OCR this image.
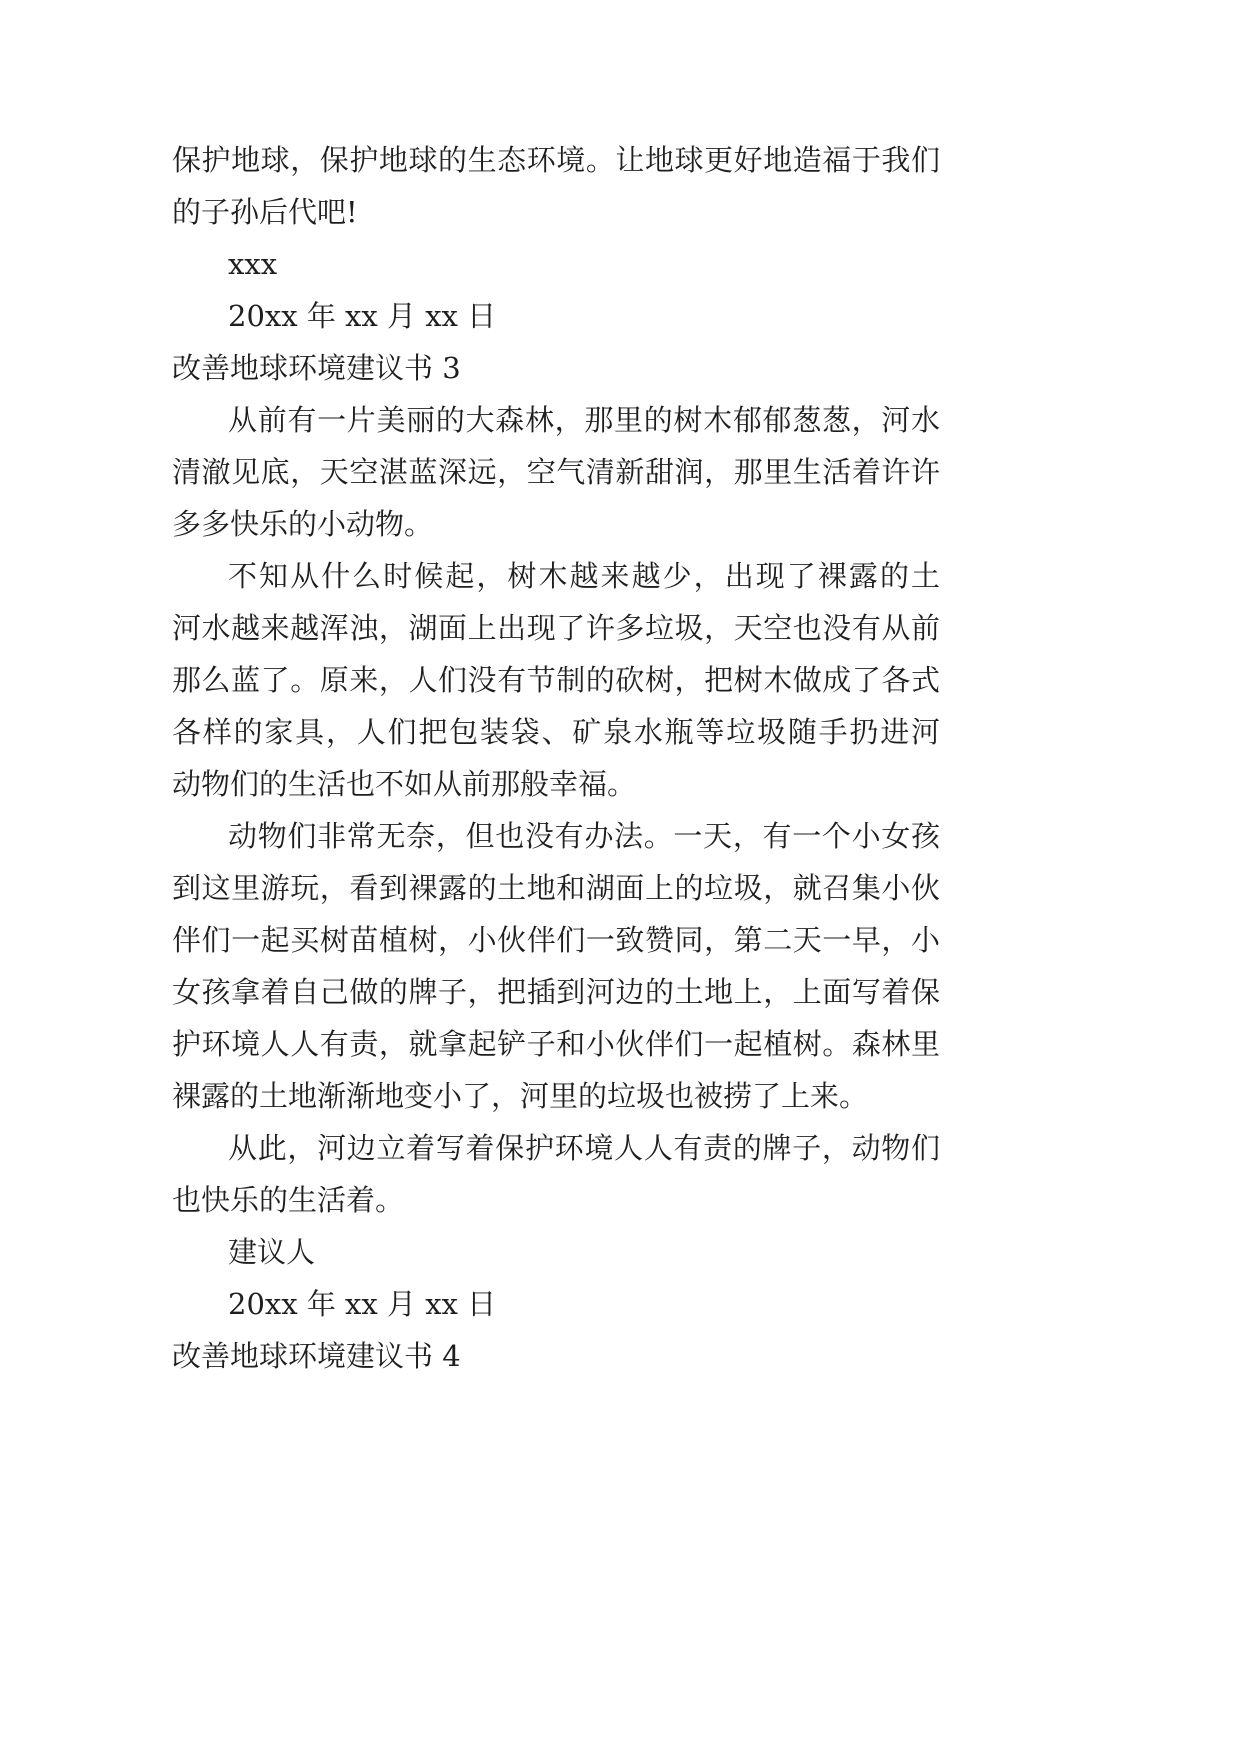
保护地球，保护地球的生态环境。让地球更好地造福于我们
的子孙后代吧!
xxx
20xx 年 xx 月 xx 日
改善地球环境建议书 3
从前有一片美丽的大森林，那里的树木郁郁葱葱，河水
清澈见底，天空湛蓝深远，空气清新甜润，那里生活着许许
多多快乐的小动物。
不知从什么时候起，树木越来越少，出现了裸露的土
河水越来越浑浊，湖面上出现了许多垃圾，天空也没有从前
那么蓝了。原来，人们没有节制的砍树，把树木做成了各式
各样的家具，人们把包装袋、矿泉水瓶等垃圾随手扔进河
动物们的生活也不如从前那般幸福。
动物们非常无奈，但也没有办法。一天，有一个小女孩
到这里游玩，看到裸露的土地和湖面上的垃圾，就召集小伙
伴们一起买树苗植树，小伙伴们一致赞同，第二天一早，小
女孩拿着自己做的牌子，把插到河边的土地上，上面写着保
护环境人人有责，就拿起铲子和小伙伴们一起植树。森林里
裸露的土地渐渐地变小了，河里的垃圾也被捞了上来。
从此，河边立着写着保护环境人人有责的牌子，动物们
也快乐的生活着。
建议人
20xx 年 xx 月 xx 日
改善地球环境建议书 4
